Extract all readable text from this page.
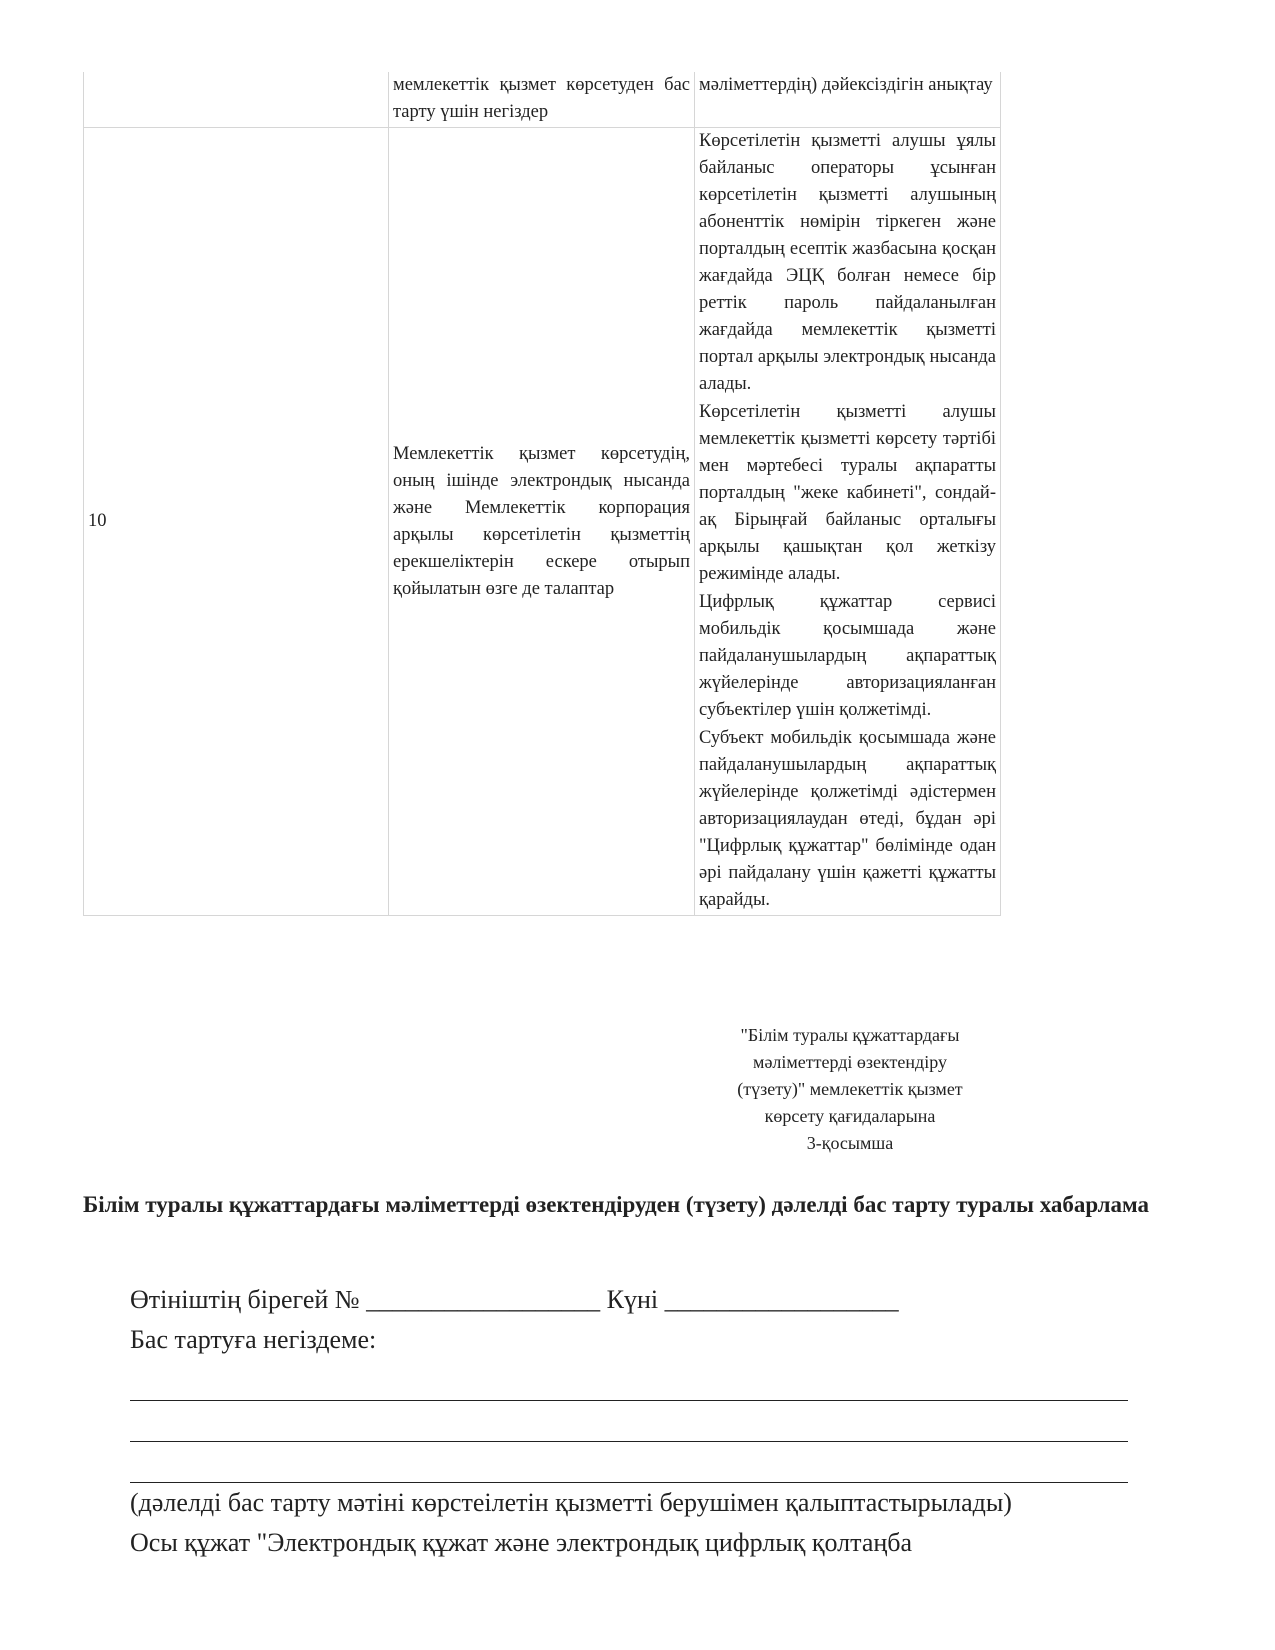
	мемлекеттік қызмет көрсетуден бас тарту үшін негіздер	мәліметтердің) дәйексіздігін анықтау
10	Мемлекеттік қызмет көрсетудің, оның ішінде электрондық нысанда және Мемлекеттік корпорация арқылы көрсетілетін қызметтің ерекшеліктерін ескере отырып қойылатын өзге де талаптар	Көрсетілетін қызметті алушы ұялы байланыс операторы ұсынған көрсетілетін қызметті алушының абоненттік нөмірін тіркеген және порталдың есептік жазбасына қосқан жағдайда ЭЦҚ болған немесе бір реттік пароль пайдаланылған жағдайда мемлекеттік қызметті портал арқылы электрондық нысанда алады.

Көрсетілетін қызметті алушы мемлекеттік қызметті көрсету тәртібі мен мәртебесі туралы ақпаратты порталдың "жеке кабинеті", сондай-ақ Бірыңғай байланыс орталығы арқылы қашықтан қол жеткізу режимінде алады.

Цифрлық құжаттар сервисі мобильдік қосымшада және пайдаланушылардың ақпараттық жүйелерінде авторизацияланған субъектілер үшін қолжетімді.

Субъект мобильдік қосымшада және пайдаланушылардың ақпараттық жүйелерінде қолжетімді әдістермен авторизациялаудан өтеді, бұдан әрі "Цифрлық құжаттар" бөлімінде одан әрі пайдалану үшін қажетті құжатты қарайды.

"Білім туралы құжаттардағы
мәліметтерді өзектендіру
(түзету)" мемлекеттік қызмет
көрсету қағидаларына
3-қосымша
Білім туралы құжаттардағы мәліметтерді өзектендіруден (түзету) дәлелді бас тарту туралы хабарлама
Өтініштің бірегей № __________________ Күні __________________
Бас тартуға негіздеме:
(дәлелді бас тарту мәтіні көрстеілетін қызметті берушімен қалыптастырылады)
Осы құжат "Электрондық құжат және электрондық цифрлық қолтаңба
